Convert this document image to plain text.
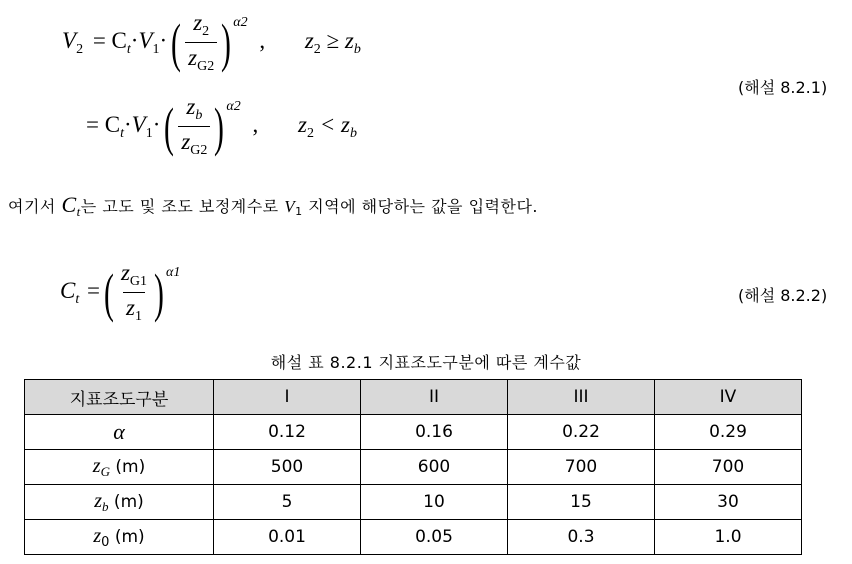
$V_2 = C_t\cdot V_1\cdot( \frac{z_2}{z_{G2}}$ ) $^{\alpha 2}$ , $z_2 \ge z_b$
(해설 8.2.1)
= $C_t\cdot V_1\cdot( \frac{z_b}{z_{G2}}$ ) $^{\alpha 2}$ , $z_2 < z_b$
여기서 $C_t$는 고도 및 조도 보정계수로 V1 지역에 해당하는 값을 입력한다.
$C_t$ =( $\frac{z_{G1}}{z_1}$ ) $^{\alpha 1}$
(해설 8.2.2)
해설 표 8.2.1 지표조도구분에 따른 계수값
지표조도구분	I	II	III	IV
α	0.12	0.16	0.22	0.29
$z_G$ (m)	500	600	700	700
$z_b$ (m)	5	10	15	30
$z_0$ (m)	0.01	0.05	0.3	1.0
